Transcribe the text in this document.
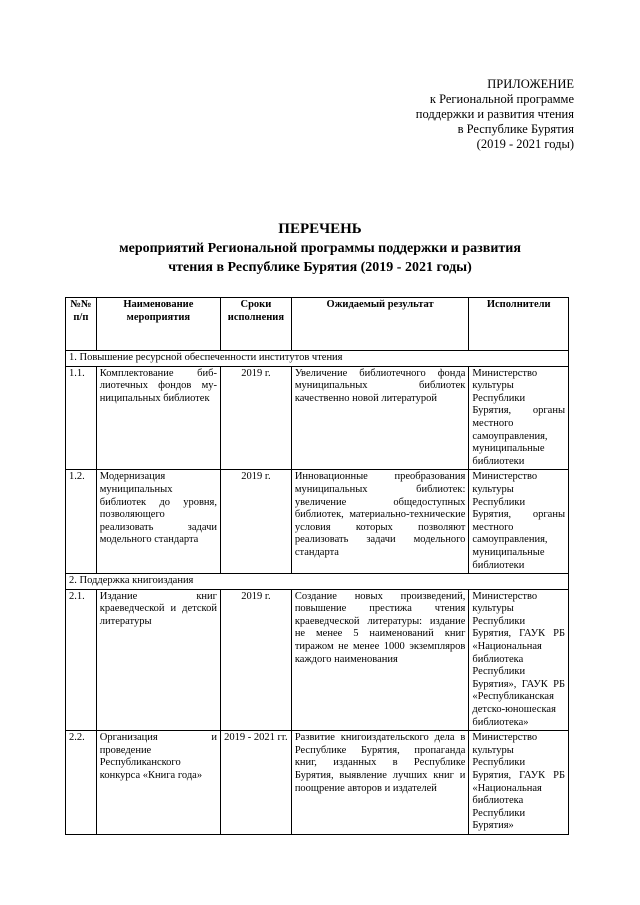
ПРИЛОЖЕНИЕ
к Региональной программе
поддержки и развития чтения
в Республике Бурятия
(2019 - 2021 годы)
ПЕРЕЧЕНЬ
мероприятий Региональной программы поддержки и развития
чтения в Республике Бурятия (2019 - 2021 годы)
№№ п/п	Наименование мероприятия	Сроки исполнения	Ожидаемый результат	Исполнители
1. Повышение ресурсной обеспеченности институтов чтения				
1.1.	Комплектование биб-лиотечных фондов му-ниципальных библиотек	2019 г.	Увеличение библиотечного фонда муниципальных библиотек качественно новой литературой	Министерство культуры Республики Бурятия, органы местного самоуправления, муниципальные библиотеки
1.2.	Модернизация муниципальных библиотек до уровня, позволяющего реализовать задачи модельного стандарта	2019 г.	Инновационные преобразования муниципальных библиотек: увеличение общедоступных библиотек, материально-технические условия которых позволяют реализовать задачи модельного стандарта	Министерство культуры Республики Бурятия, органы местного самоуправления, муниципальные библиотеки
2. Поддержка книгоиздания				
2.1.	Издание книг краеведческой и детской литературы	2019 г.	Создание новых произведений, повышение престижа чтения краеведческой литературы: издание не менее 5 наименований книг тиражом не менее 1000 экземпляров каждого наименования	Министерство культуры Республики Бурятия, ГАУК РБ «Национальная библиотека Республики Бурятия», ГАУК РБ «Республиканская детско-юношеская библиотека»
2.2.	Организация и проведение Республиканского конкурса «Книга года»	2019 - 2021 гг.	Развитие книгоиздательского дела в Республике Бурятия, пропаганда книг, изданных в Республике Бурятия, выявление лучших книг и поощрение авторов и издателей	Министерство культуры Республики Бурятия, ГАУК РБ «Национальная библиотека Республики Бурятия»
